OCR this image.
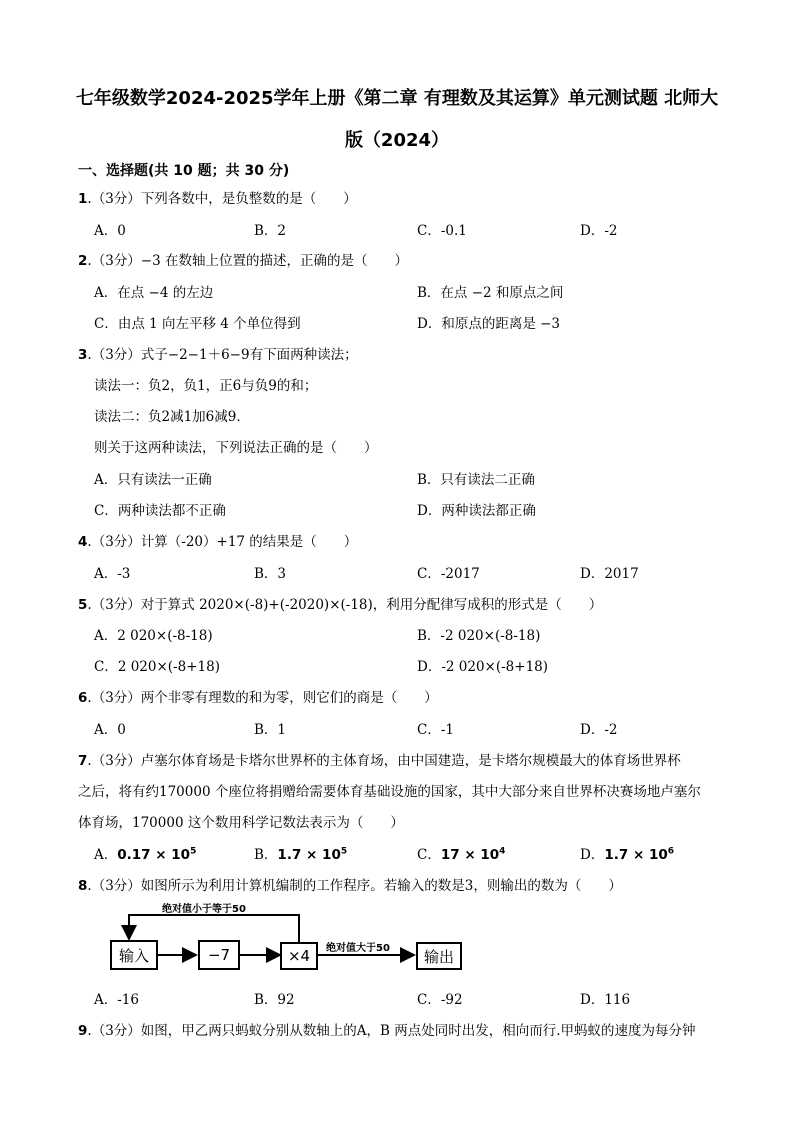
七年级数学2024-2025学年上册《第二章 有理数及其运算》单元测试题 北师大
版（2024）
一、选择题(共 10 题；共 30 分)
1.（3分）下列各数中，是负整数的是（　　）
A．0	B．2	C．-0.1	D．-2
2.（3分）−3 在数轴上位置的描述，正确的是（　　）
A．在点 −4 的左边	B．在点 −2 和原点之间
C．由点 1 向左平移 4 个单位得到	D．和原点的距离是 −3
3.（3分）式子−2−1＋6−9有下面两种读法；
读法一：负2，负1，正6与负9的和；
读法二：负2减1加6减9．
则关于这两种读法，下列说法正确的是（　　）
A．只有读法一正确	B．只有读法二正确
C．两种读法都不正确	D．两种读法都正确
4.（3分）计算（-20）+17 的结果是（　　）
A．-3	B．3	C．-2017	D．2017
5.（3分）对于算式 2020×(-8)+(-2020)×(-18)，利用分配律写成积的形式是（　　）
A．2 020×(-8-18)	B．-2 020×(-8-18)
C．2 020×(-8+18)	D．-2 020×(-8+18)
6.（3分）两个非零有理数的和为零，则它们的商是（　　）
A．0	B．1	C．-1	D．-2
7.（3分）卢塞尔体育场是卡塔尔世界杯的主体育场，由中国建造，是卡塔尔规模最大的体育场世界杯
之后，将有约170000 个座位将捐赠给需要体育基础设施的国家，其中大部分来自世界杯决赛场地卢塞尔
体育场，170000 这个数用科学记数法表示为（　　）
A．$0.17 \times 10^5$	B．$1.7 \times 10^5$	C．$17 \times 10^4$	D．$1.7 \times 10^6$
8.（3分）如图所示为利用计算机编制的工作程序。若输入的数是3，则输出的数为（　　）
输入	−7	×4	输出
绝对值小于等于50
绝对值大于50
A．-16	B．92	C．-92	D．116
9.（3分）如图，甲乙两只蚂蚁分别从数轴上的A，B 两点处同时出发，相向而行.甲蚂蚁的速度为每分钟
